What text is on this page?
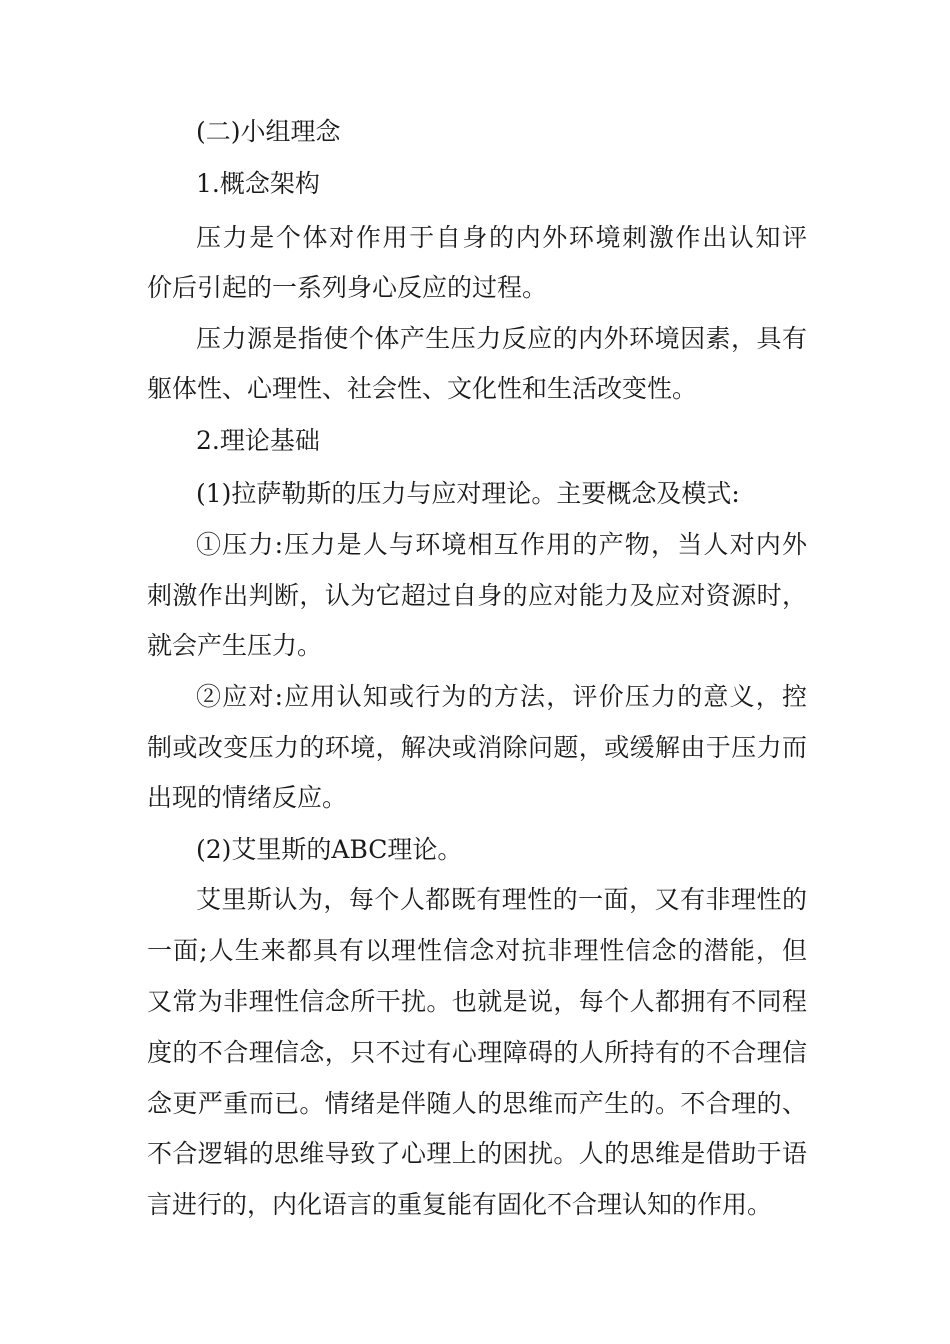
(二)小组理念
1.概念架构
压力是个体对作用于自身的内外环境刺激作出认知评
价后引起的一系列身心反应的过程。
压力源是指使个体产生压力反应的内外环境因素，具有
躯体性、心理性、社会性、文化性和生活改变性。
2.理论基础
(1)拉萨勒斯的压力与应对理论。主要概念及模式:
①压力:压力是人与环境相互作用的产物，当人对内外
刺激作出判断，认为它超过自身的应对能力及应对资源时，
就会产生压力。
②应对:应用认知或行为的方法，评价压力的意义，控
制或改变压力的环境，解决或消除问题，或缓解由于压力而
出现的情绪反应。
(2)艾里斯的ABC理论。
艾里斯认为，每个人都既有理性的一面，又有非理性的
一面;人生来都具有以理性信念对抗非理性信念的潜能，但
又常为非理性信念所干扰。也就是说，每个人都拥有不同程
度的不合理信念，只不过有心理障碍的人所持有的不合理信
念更严重而已。情绪是伴随人的思维而产生的。不合理的、
不合逻辑的思维导致了心理上的困扰。人的思维是借助于语
言进行的，内化语言的重复能有固化不合理认知的作用。
